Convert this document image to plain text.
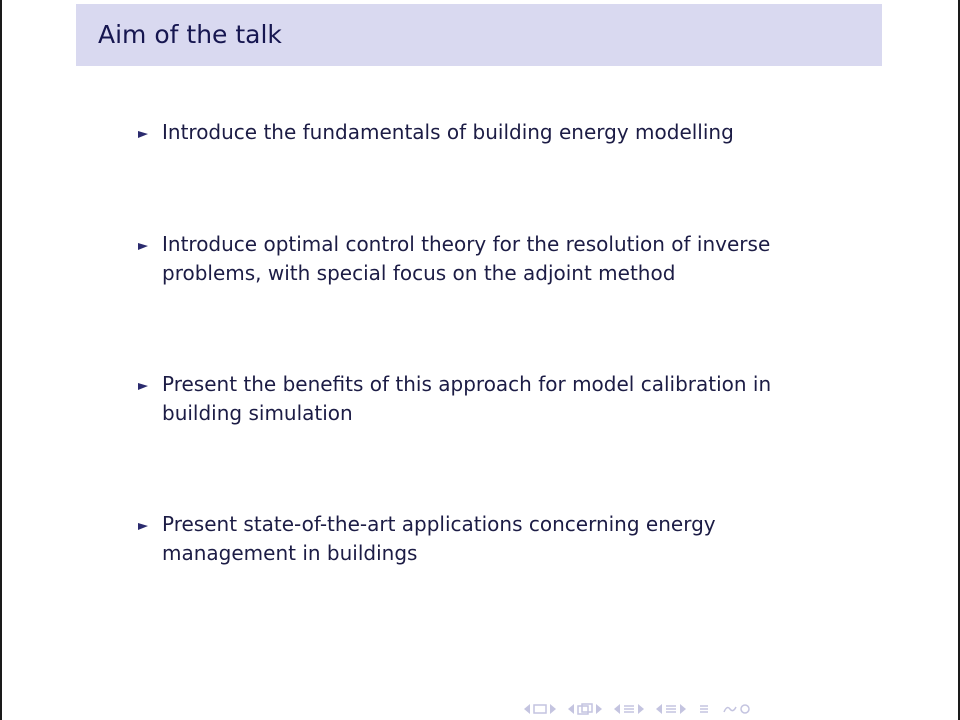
Aim of the talk
Introduce the fundamentals of building energy modelling
Introduce optimal control theory for the resolution of inverse problems, with special focus on the adjoint method
Present the benefits of this approach for model calibration in building simulation
Present state-of-the-art applications concerning energy management in buildings
